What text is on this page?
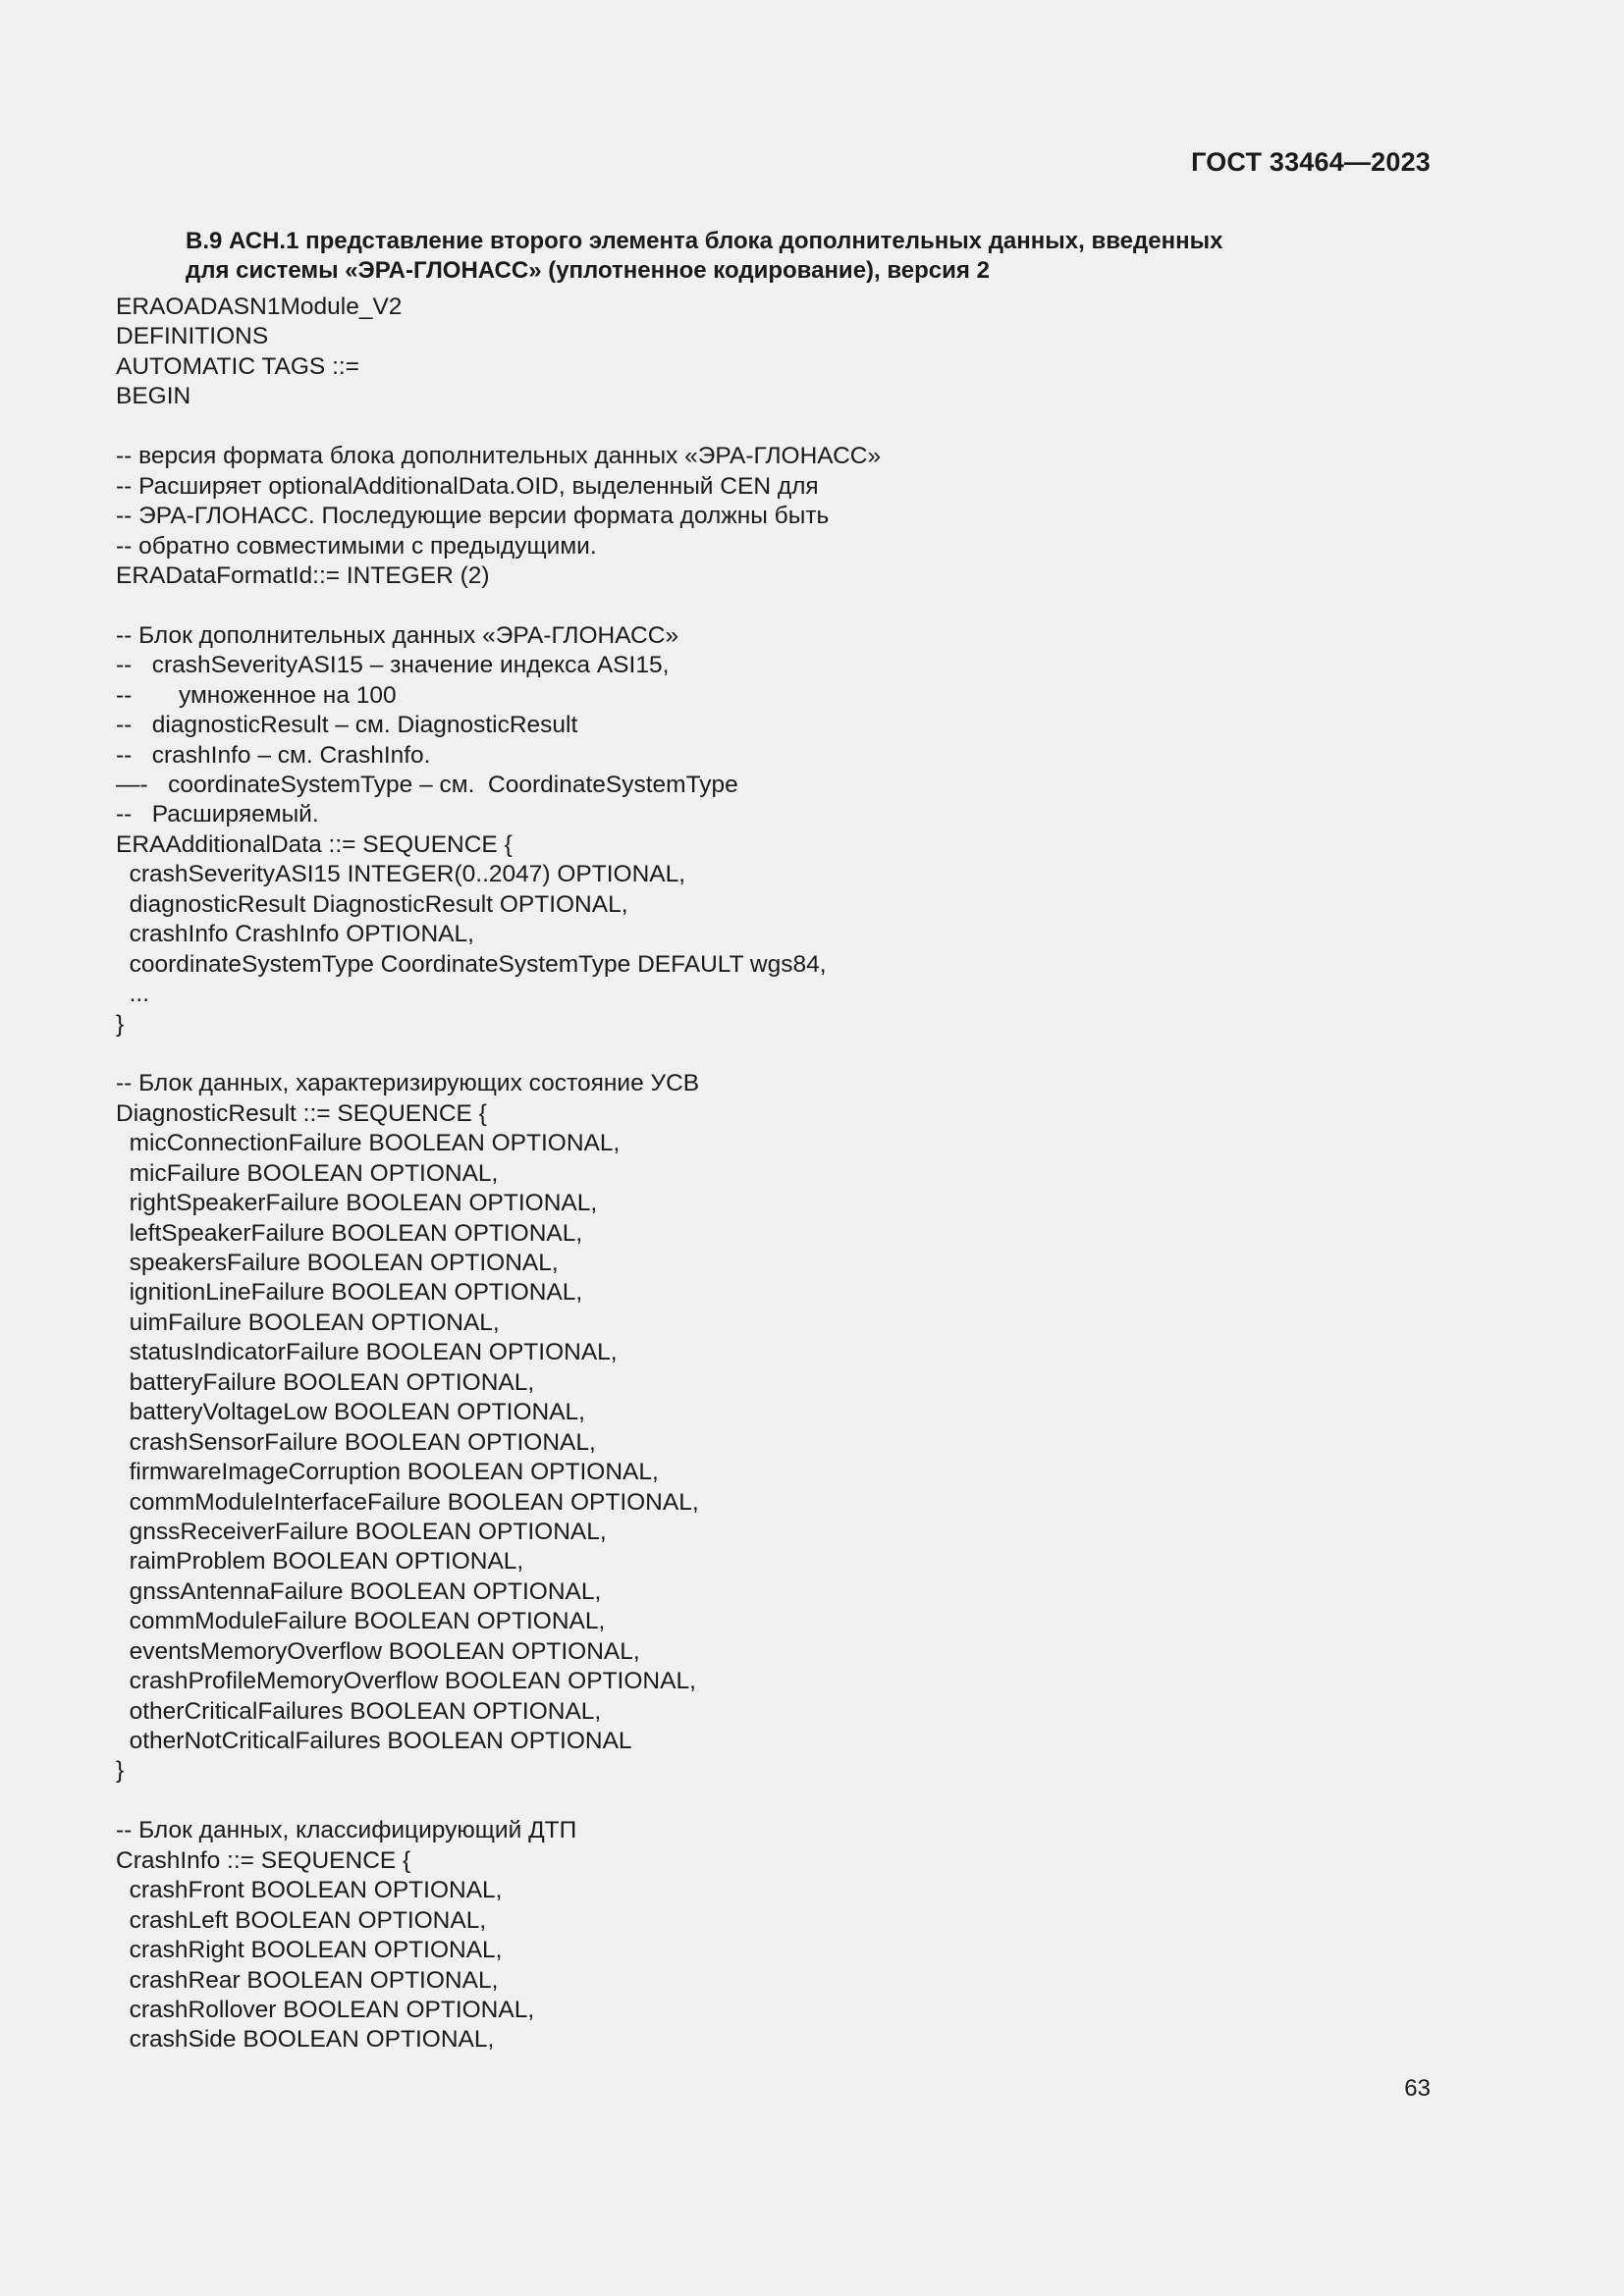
ГОСТ 33464—2023
B.9 АСН.1 представление второго элемента блока дополнительных данных, введенных
для системы «ЭРА-ГЛОНАСС» (уплотненное кодирование), версия 2
ERAOADASN1Module_V2
DEFINITIONS
AUTOMATIC TAGS ::=
BEGIN
-- версия формата блока дополнительных данных «ЭРА-ГЛОНАСС»
-- Расширяет optionalAdditionalData.OID, выделенный CEN для
-- ЭРА-ГЛОНАСС. Последующие версии формата должны быть
-- обратно совместимыми с предыдущими.
ERADataFormatId::= INTEGER (2)
-- Блок дополнительных данных «ЭРА-ГЛОНАСС»
--   crashSeverityASI15 – значение индекса ASI15,
--       умноженное на 100
--   diagnosticResult – см. DiagnosticResult
--   crashInfo – см. CrashInfo.
—-   coordinateSystemType – см.  CoordinateSystemType
--   Расширяемый.
ERAAdditionalData ::= SEQUENCE {
crashSeverityASI15 INTEGER(0..2047) OPTIONAL,
diagnosticResult DiagnosticResult OPTIONAL,
crashInfo CrashInfo OPTIONAL,
coordinateSystemType CoordinateSystemType DEFAULT wgs84,
...
}
-- Блок данных, характеризирующих состояние УСВ
DiagnosticResult ::= SEQUENCE {
micConnectionFailure BOOLEAN OPTIONAL,
micFailure BOOLEAN OPTIONAL,
rightSpeakerFailure BOOLEAN OPTIONAL,
leftSpeakerFailure BOOLEAN OPTIONAL,
speakersFailure BOOLEAN OPTIONAL,
ignitionLineFailure BOOLEAN OPTIONAL,
uimFailure BOOLEAN OPTIONAL,
statusIndicatorFailure BOOLEAN OPTIONAL,
batteryFailure BOOLEAN OPTIONAL,
batteryVoltageLow BOOLEAN OPTIONAL,
crashSensorFailure BOOLEAN OPTIONAL,
firmwareImageCorruption BOOLEAN OPTIONAL,
commModuleInterfaceFailure BOOLEAN OPTIONAL,
gnssReceiverFailure BOOLEAN OPTIONAL,
raimProblem BOOLEAN OPTIONAL,
gnssAntennaFailure BOOLEAN OPTIONAL,
commModuleFailure BOOLEAN OPTIONAL,
eventsMemoryOverflow BOOLEAN OPTIONAL,
crashProfileMemoryOverflow BOOLEAN OPTIONAL,
otherCriticalFailures BOOLEAN OPTIONAL,
otherNotCriticalFailures BOOLEAN OPTIONAL
}
-- Блок данных, классифицирующий ДТП
CrashInfo ::= SEQUENCE {
crashFront BOOLEAN OPTIONAL,
crashLeft BOOLEAN OPTIONAL,
crashRight BOOLEAN OPTIONAL,
crashRear BOOLEAN OPTIONAL,
crashRollover BOOLEAN OPTIONAL,
crashSide BOOLEAN OPTIONAL,
63
